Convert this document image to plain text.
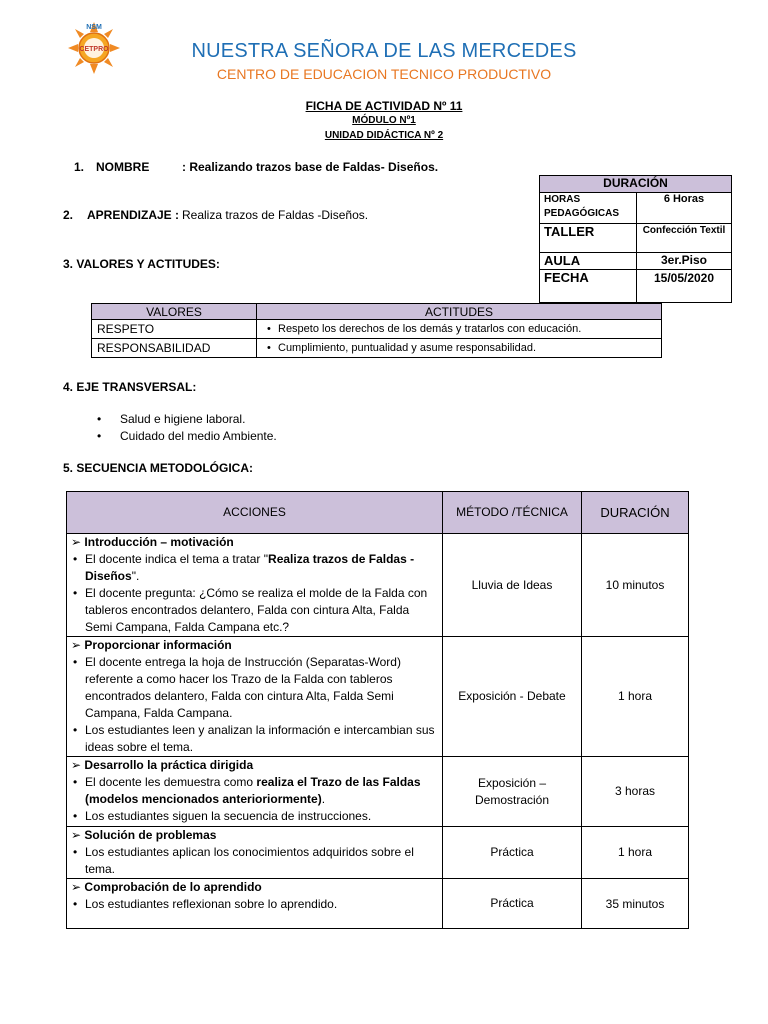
CETPRO
NSM
NUESTRA SEÑORA DE LAS MERCEDES
CENTRO DE EDUCACION TECNICO PRODUCTIVO
FICHA DE ACTIVIDAD Nº 11
MÓDULO Nº1
UNIDAD DIDÁCTICA Nº 2
1. NOMBRE	: Realizando trazos base de Faldas- Diseños.
2. APRENDIZAJE : Realiza trazos de Faldas -Diseños.
DURACIÓN	
HORAS PEDAGÓGICAS	6 Horas
TALLER	Confección Textil
AULA	3er.Piso
FECHA	15/05/2020
3. VALORES Y ACTITUDES:
VALORES	ACTITUDES
RESPETO	• Respeto los derechos de los demás y tratarlos con educación.

RESPONSABILIDAD	• Cumplimiento, puntualidad y asume responsabilidad.
4. EJE TRANSVERSAL:
• Salud e higiene laboral.
• Cuidado del medio Ambiente.
5. SECUENCIA METODOLÓGICA:
ACCIONES	MÉTODO /TÉCNICA	DURACIÓN

➢ Introducción – motivación
• El docente indica el tema a tratar "Realiza trazos de Faldas -Diseños".
• El docente pregunta: ¿Cómo se realiza el molde de la Falda con tableros encontrados delantero, Falda con cintura Alta, Falda Semi Campana, Falda Campana etc.?	Lluvia de Ideas	10 minutos

➢ Proporcionar información
• El docente entrega la hoja de Instrucción (Separatas-Word) referente a como hacer los Trazo de la Falda con tableros encontrados delantero, Falda con cintura Alta, Falda Semi Campana, Falda Campana.
• Los estudiantes leen y analizan la información e intercambian sus ideas sobre el tema.	Exposición - Debate	1 hora

➢ Desarrollo la práctica dirigida
• El docente les demuestra como realiza el Trazo de las Faldas (modelos mencionados anterioriormente).
• Los estudiantes siguen la secuencia de instrucciones.	Exposición – Demostración	3 horas

➢ Solución de problemas
• Los estudiantes aplican los conocimientos adquiridos sobre el tema.	Práctica	1 hora

➢ Comprobación de lo aprendido
• Los estudiantes reflexionan sobre lo aprendido.	Práctica	35 minutos
